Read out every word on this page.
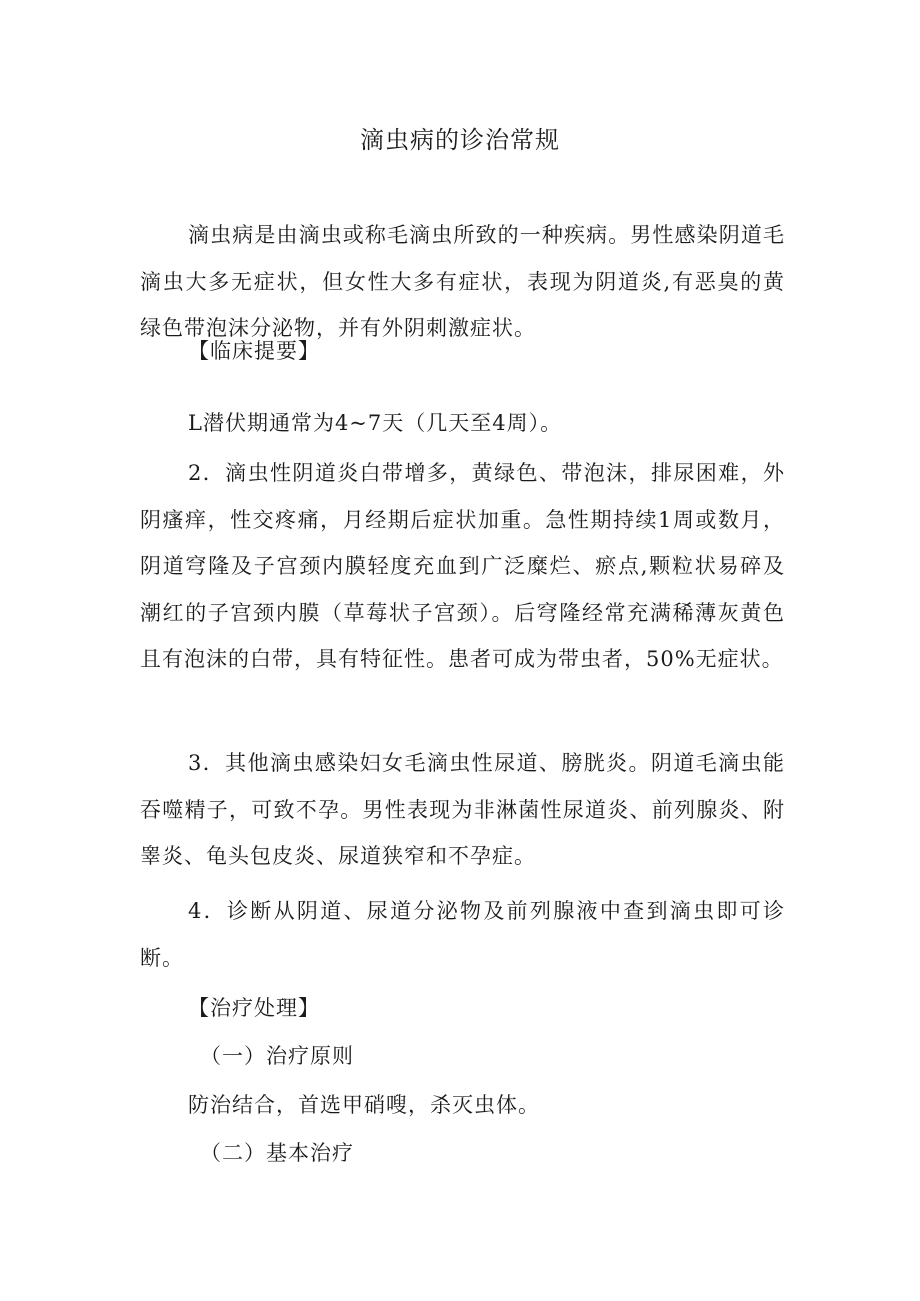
滴虫病的诊治常规

滴虫病是由滴虫或称毛滴虫所致的一种疾病。男性感染阴道毛滴虫大多无症状，但女性大多有症状，表现为阴道炎,有恶臭的黄绿色带泡沫分泌物，并有外阴刺激症状。

【临床提要】

L潜伏期通常为4~7天（几天至4周）。

2．滴虫性阴道炎白带增多，黄绿色、带泡沫，排尿困难，外阴瘙痒，性交疼痛，月经期后症状加重。急性期持续1周或数月，阴道穹隆及子宫颈内膜轻度充血到广泛糜烂、瘀点,颗粒状易碎及潮红的子宫颈内膜（草莓状子宫颈）。后穹隆经常充满稀薄灰黄色且有泡沫的白带，具有特征性。患者可成为带虫者，50%无症状。

3．其他滴虫感染妇女毛滴虫性尿道、膀胱炎。阴道毛滴虫能吞噬精子，可致不孕。男性表现为非淋菌性尿道炎、前列腺炎、附睾炎、龟头包皮炎、尿道狭窄和不孕症。

4．诊断从阴道、尿道分泌物及前列腺液中查到滴虫即可诊断。

【治疗处理】

（一）治疗原则

防治结合，首选甲硝嗖，杀灭虫体。

（二）基本治疗
